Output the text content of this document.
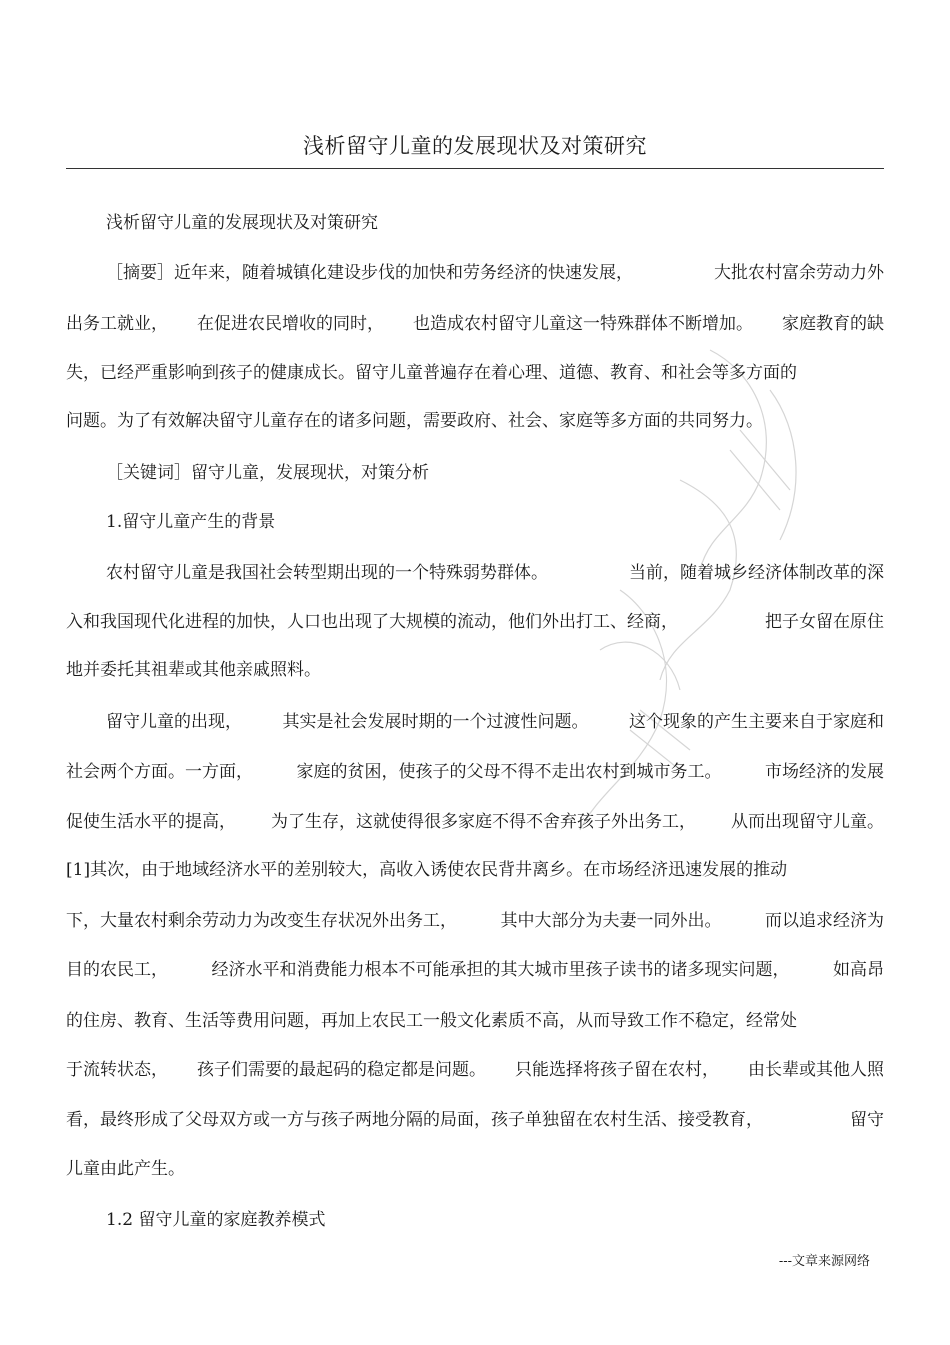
浅析留守儿童的发展现状及对策研究
浅析留守儿童的发展现状及对策研究
［摘要］近年来，随着城镇化建设步伐的加快和劳务经济的快速发展，	大批农村富余劳动力外
出务工就业， 在促进农民增收的同时， 也造成农村留守儿童这一特殊群体不断增加。 家庭教育的缺
失，已经严重影响到孩子的健康成长。留守儿童普遍存在着心理、道德、教育、和社会等多方面的
问题。为了有效解决留守儿童存在的诸多问题，需要政府、社会、家庭等多方面的共同努力。
［关键词］留守儿童，发展现状，对策分析
1.留守儿童产生的背景
农村留守儿童是我国社会转型期出现的一个特殊弱势群体。	当前，随着城乡经济体制改革的深
入和我国现代化进程的加快，人口也出现了大规模的流动，他们外出打工、经商，	把子女留在原住
地并委托其祖辈或其他亲戚照料。
留守儿童的出现， 其实是社会发展时期的一个过渡性问题。 这个现象的产生主要来自于家庭和
社会两个方面。一方面，	家庭的贫困，使孩子的父母不得不走出农村到城市务工。	市场经济的发展
促使生活水平的提高， 为了生存，这就使得很多家庭不得不舍弃孩子外出务工， 从而出现留守儿童。
[1]其次，由于地域经济水平的差别较大，高收入诱使农民背井离乡。在市场经济迅速发展的推动
下，大量农村剩余劳动力为改变生存状况外出务工，	其中大部分为夫妻一同外出。	而以追求经济为
目的农民工，	经济水平和消费能力根本不可能承担的其大城市里孩子读书的诸多现实问题，	如高昂
的住房、教育、生活等费用问题，再加上农民工一般文化素质不高，从而导致工作不稳定，经常处
于流转状态， 孩子们需要的最起码的稳定都是问题。 只能选择将孩子留在农村， 由长辈或其他人照
看，最终形成了父母双方或一方与孩子两地分隔的局面，孩子单独留在农村生活、接受教育，	留守
儿童由此产生。
1.2 留守儿童的家庭教养模式
---文章来源网络
